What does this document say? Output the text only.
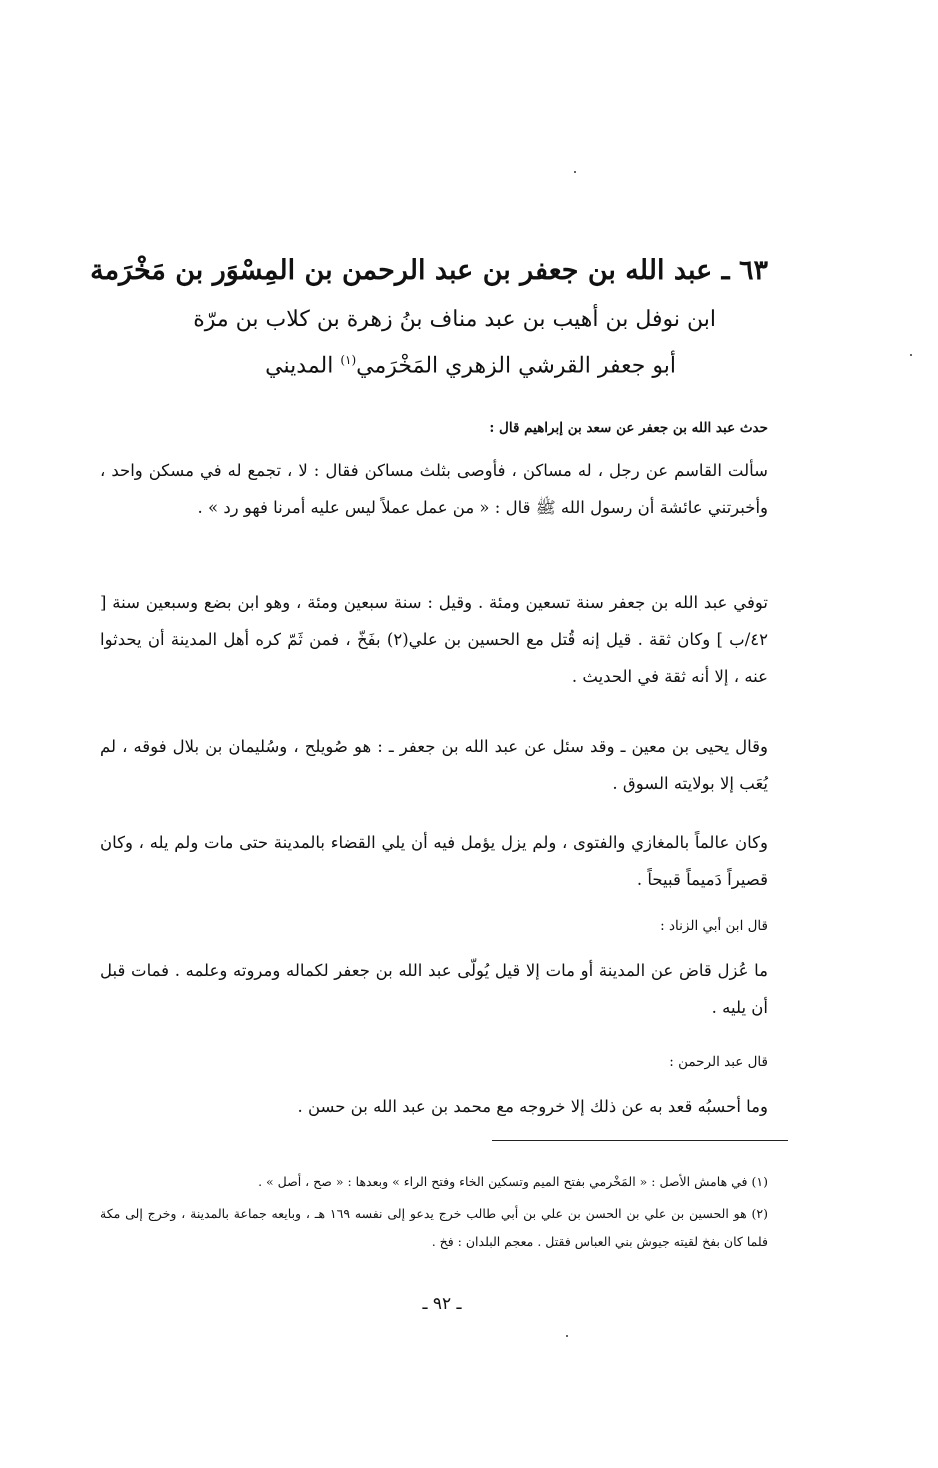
٦٣ ـ عبد الله بن جعفر بن عبد الرحمن بن المِسْوَر بن مَخْرَمة
ابن نوفل بن أهيب بن عبد مناف بنُ زهرة بن كلاب بن مرّة
أبو جعفر القرشي الزهري المَخْرَمي$^{(١)}$ المديني
حدث عبد الله بن جعفر عن سعد بن إبراهيم قال :
سألت القاسم عن رجل ، له مساكن ، فأوصى بثلث مساكن فقال : لا ، تجمع له في مسكن واحد ، وأخبرتني عائشة أن رسول الله ﷺ قال : « من عمل عملاً ليس عليه أمرنا فهو رد » .
توفي عبد الله بن جعفر سنة تسعين ومئة . وقيل : سنة سبعين ومئة ، وهو ابن بضع وسبعين سنة [ ٤٢/ب ] وكان ثقة . قيل إنه قُتل مع الحسين بن علي(٢) بفَخّ ، فمن ثَمّ كره أهل المدينة أن يحدثوا عنه ، إلا أنه ثقة في الحديث .
وقال يحيى بن معين ـ وقد سئل عن عبد الله بن جعفر ـ : هو صُويلح ، وسُليمان بن بلال فوقه ، لم يُعَب إلا بولايته السوق .
وكان عالماً بالمغازي والفتوى ، ولم يزل يؤمل فيه أن يلي القضاء بالمدينة حتى مات ولم يله ، وكان قصيراً دَميماً قبيحاً .
قال ابن أبي الزناد :
ما عُزل قاض عن المدينة أو مات إلا قيل يُولّى عبد الله بن جعفر لكماله ومروته وعلمه . فمات قبل أن يليه .
قال عبد الرحمن :
وما أحسبُه قعد به عن ذلك إلا خروجه مع محمد بن عبد الله بن حسن .
(١) في هامش الأصل : « المَخْرمي بفتح الميم وتسكين الخاء وفتح الراء » وبعدها : « صح ، أصل » .
(٢) هو الحسين بن علي بن الحسن بن علي بن أبي طالب خرج يدعو إلى نفسه ١٦٩ هـ ، وبايعه جماعة بالمدينة ، وخرج إلى مكة فلما كان بفخ لقيته جيوش بني العباس فقتل . معجم البلدان : فخ .
ـ ٩٢ ـ
